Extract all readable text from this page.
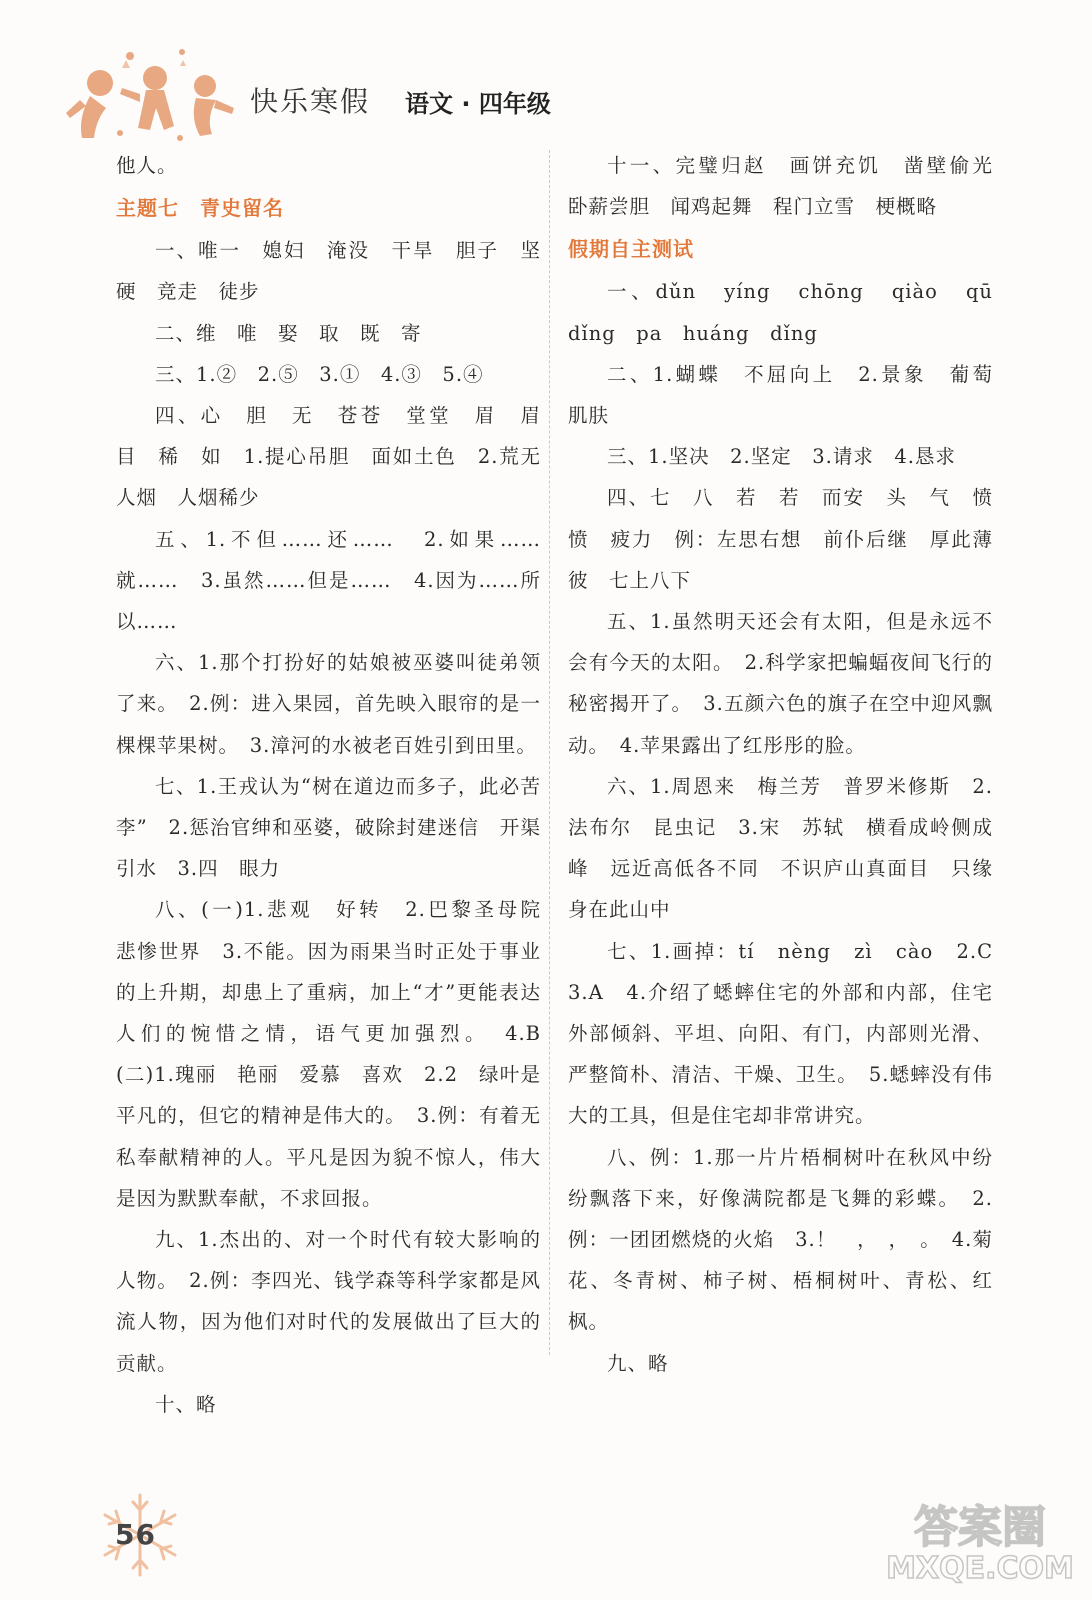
快乐寒假 语文 · 四年级

他人。

主题七　青史留名

一、唯一　媳妇　淹没　干旱　胆子　坚硬　竞走　徒步

二、维　唯　娶　取　既　寄

三、1.②　2.⑤　3.①　4.③　5.④

四、心　胆　无　苍苍　堂堂　眉　眉　目　稀　如　1.提心吊胆　面如土色　2.荒无人烟　人烟稀少

五、1.不但……还……　2.如果……就……　3.虽然……但是……　4.因为……所以……

六、1.那个打扮好的姑娘被巫婆叫徒弟领了来。　2.例：进入果园，首先映入眼帘的是一棵棵苹果树。　3.漳河的水被老百姓引到田里。

七、1.王戎认为“树在道边而多子，此必苦李”　2.惩治官绅和巫婆，破除封建迷信　开渠引水　3.四　眼力

八、(一)1.悲观　好转　2.巴黎圣母院　悲惨世界　3.不能。因为雨果当时正处于事业的上升期，却患上了重病，加上“才”更能表达人们的惋惜之情，语气更加强烈。　4.B　(二)1.瑰丽　艳丽　爱慕　喜欢　2.2　绿叶是平凡的，但它的精神是伟大的。　3.例：有着无私奉献精神的人。平凡是因为貌不惊人，伟大是因为默默奉献，不求回报。

九、1.杰出的、对一个时代有较大影响的人物。　2.例：李四光、钱学森等科学家都是风流人物，因为他们对时代的发展做出了巨大的贡献。

十、略

十一、完璧归赵　画饼充饥　凿壁偷光　卧薪尝胆　闻鸡起舞　程门立雪　梗概略

假期自主测试

一、dǔn　yíng　chōng　qiào　qū　dǐng　pa　huáng　dǐng

二、1.蝴蝶　不屈向上　2.景象　葡萄　肌肤

三、1.坚决　2.坚定　3.请求　4.恳求

四、七　八　若　若　而安　头　气　愤　愤　疲力　例：左思右想　前仆后继　厚此薄彼　七上八下

五、1.虽然明天还会有太阳，但是永远不会有今天的太阳。　2.科学家把蝙蝠夜间飞行的秘密揭开了。　3.五颜六色的旗子在空中迎风飘动。　4.苹果露出了红彤彤的脸。

六、1.周恩来　梅兰芳　普罗米修斯　2.法布尔　昆虫记　3.宋　苏轼　横看成岭侧成峰　远近高低各不同　不识庐山真面目　只缘身在此山中

七、1.画掉：tí　nèng　zì　cào　2.C　3.A　4.介绍了蟋蟀住宅的外部和内部，住宅外部倾斜、平坦、向阳、有门，内部则光滑、严整简朴、清洁、干燥、卫生。　5.蟋蟀没有伟大的工具，但是住宅却非常讲究。

八、例：1.那一片片梧桐树叶在秋风中纷纷飘落下来，好像满院都是飞舞的彩蝶。　2.例：一团团燃烧的火焰　3.！　，　，　。　4.菊花、冬青树、柿子树、梧桐树叶、青松、红枫。

九、略

56	答案圈 MXQE.COM
